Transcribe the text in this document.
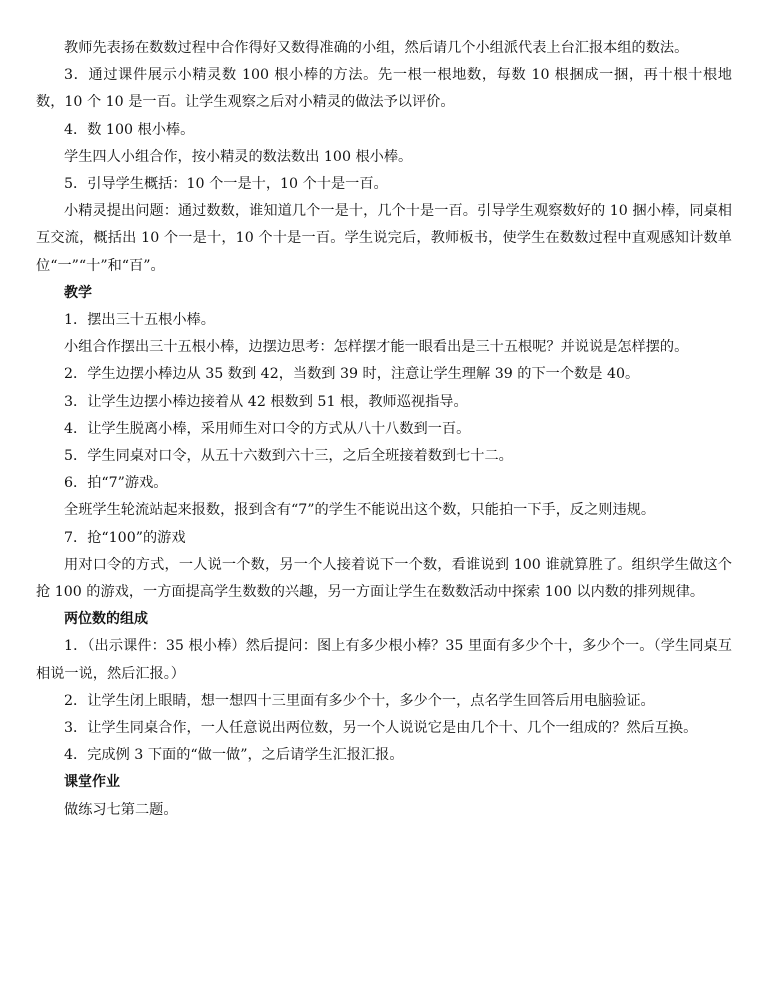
教师先表扬在数数过程中合作得好又数得准确的小组，然后请几个小组派代表上台汇报本组的数法。

3．通过课件展示小精灵数 100 根小棒的方法。先一根一根地数，每数 10 根捆成一捆，再十根十根地数，10 个 10 是一百。让学生观察之后对小精灵的做法予以评价。

4．数 100 根小棒。

学生四人小组合作，按小精灵的数法数出 100 根小棒。

5．引导学生概括：10 个一是十，10 个十是一百。

小精灵提出问题：通过数数，谁知道几个一是十，几个十是一百。引导学生观察数好的 10 捆小棒，同桌相互交流，概括出 10 个一是十，10 个十是一百。学生说完后，教师板书，使学生在数数过程中直观感知计数单位“一”“十”和“百”。

教学

1．摆出三十五根小棒。

小组合作摆出三十五根小棒，边摆边思考：怎样摆才能一眼看出是三十五根呢？并说说是怎样摆的。

2．学生边摆小棒边从 35 数到 42，当数到 39 时，注意让学生理解 39 的下一个数是 40。

3．让学生边摆小棒边接着从 42 根数到 51 根，教师巡视指导。

4．让学生脱离小棒，采用师生对口令的方式从八十八数到一百。

5．学生同桌对口令，从五十六数到六十三，之后全班接着数到七十二。

6．拍“7”游戏。

全班学生轮流站起来报数，报到含有“7”的学生不能说出这个数，只能拍一下手，反之则违规。

7．抢“100”的游戏

用对口令的方式，一人说一个数，另一个人接着说下一个数，看谁说到 100 谁就算胜了。组织学生做这个抢 100 的游戏，一方面提高学生数数的兴趣，另一方面让学生在数数活动中探索 100 以内数的排列规律。

两位数的组成

1．（出示课件：35 根小棒）然后提问：图上有多少根小棒？35 里面有多少个十，多少个一。（学生同桌互相说一说，然后汇报。）

2．让学生闭上眼睛，想一想四十三里面有多少个十，多少个一，点名学生回答后用电脑验证。

3．让学生同桌合作，一人任意说出两位数，另一个人说说它是由几个十、几个一组成的？然后互换。

4．完成例 3 下面的“做一做”，之后请学生汇报汇报。

课堂作业

做练习七第二题。
